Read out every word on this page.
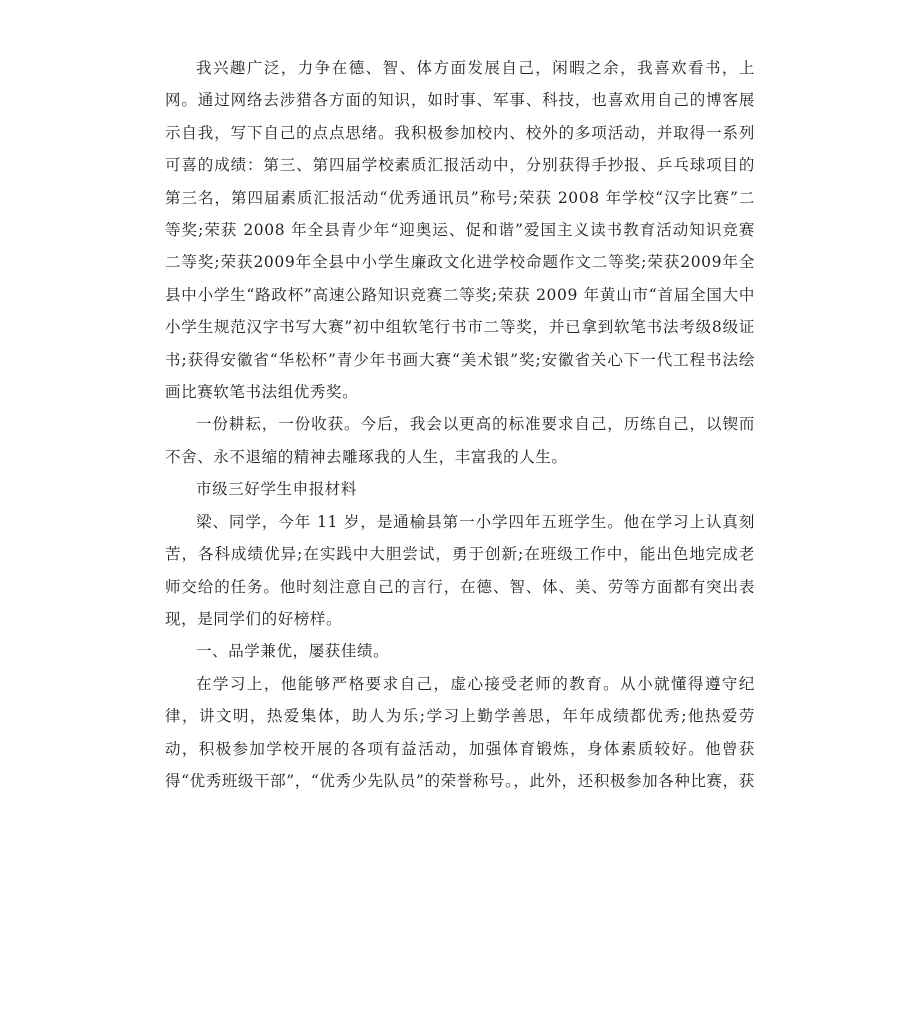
我兴趣广泛，力争在德、智、体方面发展自己，闲暇之余，我喜欢看书，上网。通过网络去涉猎各方面的知识，如时事、军事、科技，也喜欢用自己的博客展示自我，写下自己的点点思绪。我积极参加校内、校外的多项活动，并取得一系列可喜的成绩：第三、第四届学校素质汇报活动中，分别获得手抄报、乒乓球项目的第三名，第四届素质汇报活动“优秀通讯员”称号;荣获 2008 年学校“汉字比赛”二等奖;荣获 2008 年全县青少年“迎奥运、促和谐”爱国主义读书教育活动知识竞赛二等奖;荣获2009年全县中小学生廉政文化进学校命题作文二等奖;荣获2009年全县中小学生“路政杯”高速公路知识竞赛二等奖;荣获 2009 年黄山市“首届全国大中小学生规范汉字书写大赛”初中组软笔行书市二等奖，并已拿到软笔书法考级8级证书;获得安徽省“华松杯”青少年书画大赛“美术银”奖;安徽省关心下一代工程书法绘画比赛软笔书法组优秀奖。

一份耕耘，一份收获。今后，我会以更高的标准要求自己，历练自己，以锲而不舍、永不退缩的精神去雕琢我的人生，丰富我的人生。

市级三好学生申报材料

梁、同学，今年 11 岁，是通榆县第一小学四年五班学生。他在学习上认真刻苦，各科成绩优异;在实践中大胆尝试，勇于创新;在班级工作中，能出色地完成老师交给的任务。他时刻注意自己的言行，在德、智、体、美、劳等方面都有突出表现，是同学们的好榜样。

一、品学兼优，屡获佳绩。

在学习上，他能够严格要求自己，虚心接受老师的教育。从小就懂得遵守纪律，讲文明，热爱集体，助人为乐;学习上勤学善思，年年成绩都优秀;他热爱劳动，积极参加学校开展的各项有益活动，加强体育锻炼，身体素质较好。他曾获得“优秀班级干部”，“优秀少先队员”的荣誉称号。，此外，还积极参加各种比赛，获
